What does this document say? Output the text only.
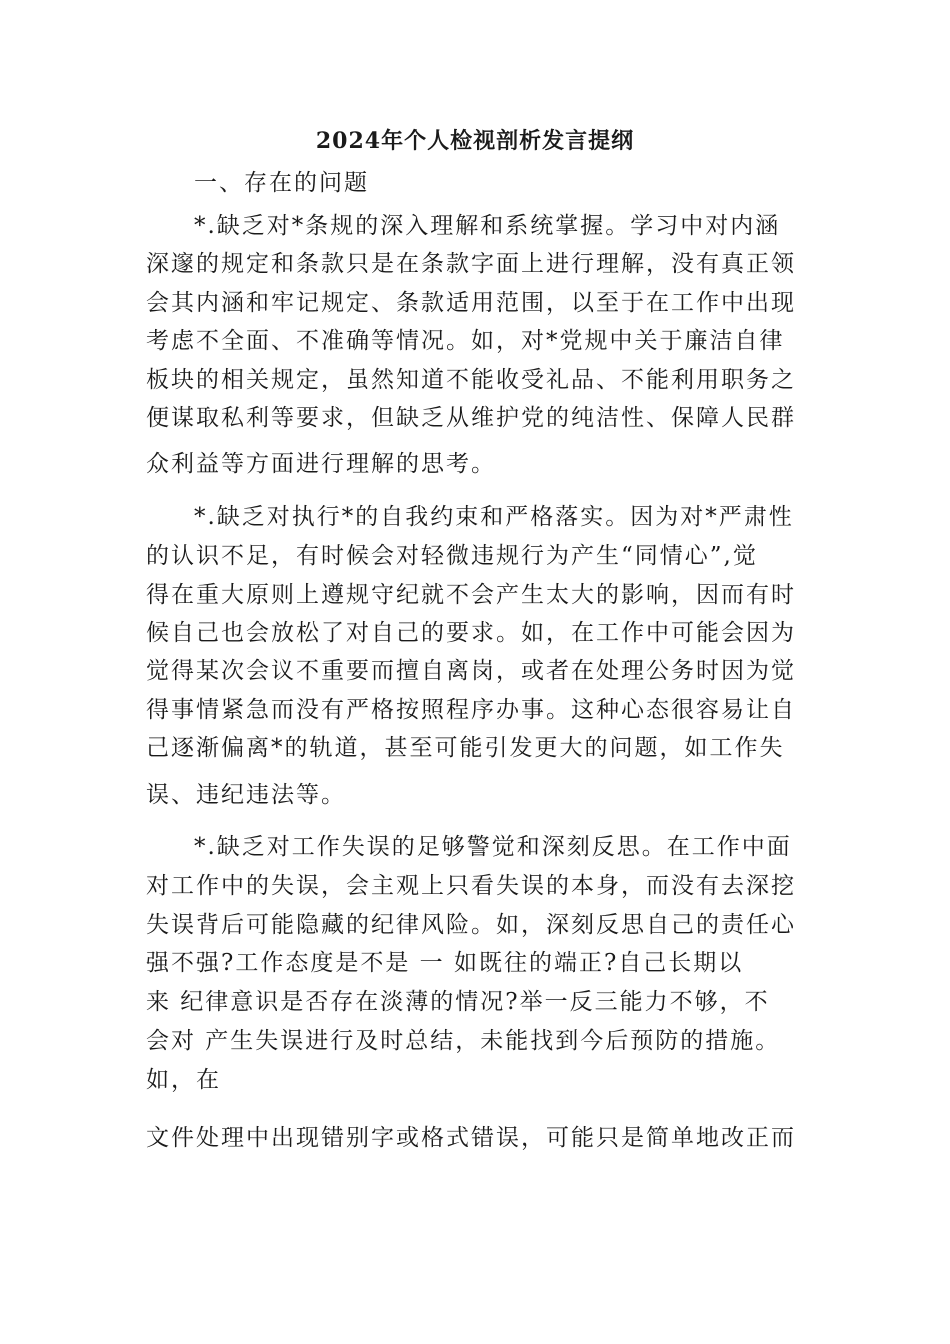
2024年个人检视剖析发言提纲

一、存在的问题

*.缺乏对*条规的深入理解和系统掌握。学习中对内涵

深邃的规定和条款只是在条款字面上进行理解，没有真正领

会其内涵和牢记规定、条款适用范围，以至于在工作中出现

考虑不全面、不准确等情况。如，对*党规中关于廉洁自律

板块的相关规定，虽然知道不能收受礼品、不能利用职务之

便谋取私利等要求，但缺乏从维护党的纯洁性、保障人民群

众利益等方面进行理解的思考。

*.缺乏对执行*的自我约束和严格落实。因为对*严肃性

的认识不足，有时候会对轻微违规行为产生“同情心”,觉

得在重大原则上遵规守纪就不会产生太大的影响，因而有时

候自己也会放松了对自己的要求。如，在工作中可能会因为

觉得某次会议不重要而擅自离岗，或者在处理公务时因为觉

得事情紧急而没有严格按照程序办事。这种心态很容易让自

己逐渐偏离*的轨道，甚至可能引发更大的问题，如工作失

误、违纪违法等。

*.缺乏对工作失误的足够警觉和深刻反思。在工作中面

对工作中的失误，会主观上只看失误的本身，而没有去深挖

失误背后可能隐藏的纪律风险。如，深刻反思自己的责任心

强不强?工作态度是不是 一 如既往的端正?自己长期以

来 纪律意识是否存在淡薄的情况?举一反三能力不够，不

会对 产生失误进行及时总结，未能找到今后预防的措施。

如，在

文件处理中出现错别字或格式错误，可能只是简单地改正而
